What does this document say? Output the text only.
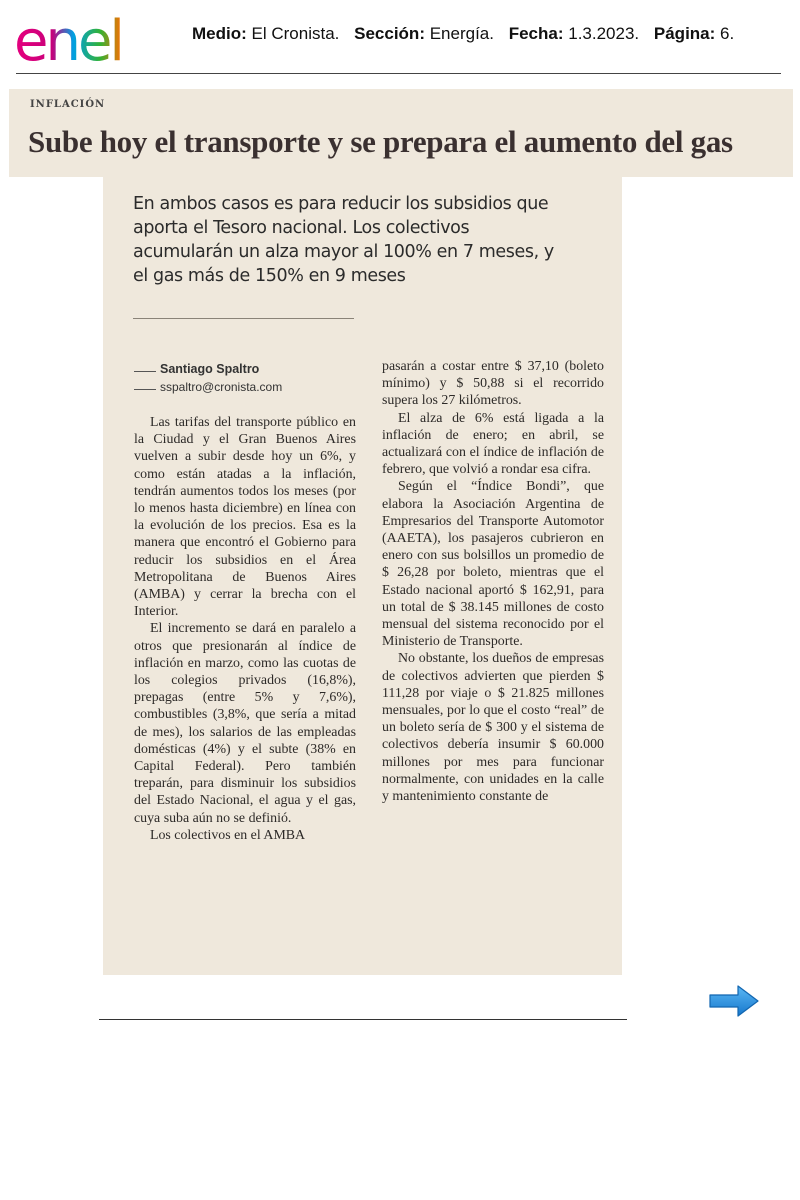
enel	Medio: El Cronista. Sección: Energía. Fecha: 1.3.2023. Página: 6.
INFLACIÓN
Sube hoy el transporte y se prepara el aumento del gas
En ambos casos es para reducir los subsidios que aporta el Tesoro nacional. Los colectivos acumularán un alza mayor al 100% en 7 meses, y el gas más de 150% en 9 meses
Santiago Spaltro
sspaltro@cronista.com

Las tarifas del transporte público en la Ciudad y el Gran Buenos Aires vuelven a subir desde hoy un 6%, y como están atadas a la inflación, tendrán aumentos todos los meses (por lo menos hasta diciembre) en línea con la evolución de los precios. Esa es la manera que encontró el Gobierno para reducir los subsidios en el Área Metropolitana de Buenos Aires (AMBA) y cerrar la brecha con el Interior.

El incremento se dará en paralelo a otros que presionarán al índice de inflación en marzo, como las cuotas de los colegios privados (16,8%), prepagas (entre 5% y 7,6%), combustibles (3,8%, que sería a mitad de mes), los salarios de las empleadas domésticas (4%) y el subte (38% en Capital Federal). Pero también treparán, para disminuir los subsidios del Estado Nacional, el agua y el gas, cuya suba aún no se definió.

Los colectivos en el AMBA

pasarán a costar entre $ 37,10 (boleto mínimo) y $ 50,88 si el recorrido supera los 27 kilómetros.

El alza de 6% está ligada a la inflación de enero; en abril, se actualizará con el índice de inflación de febrero, que volvió a rondar esa cifra.

Según el “Índice Bondi”, que elabora la Asociación Argentina de Empresarios del Transporte Automotor (AAETA), los pasajeros cubrieron en enero con sus bolsillos un promedio de $ 26,28 por boleto, mientras que el Estado nacional aportó $ 162,91, para un total de $ 38.145 millones de costo mensual del sistema reconocido por el Ministerio de Transporte.

No obstante, los dueños de empresas de colectivos advierten que pierden $ 111,28 por viaje o $ 21.825 millones mensuales, por lo que el costo “real” de un boleto sería de $ 300 y el sistema de colectivos debería insumir $ 60.000 millones por mes para funcionar normalmente, con unidades en la calle y mantenimiento constante de
